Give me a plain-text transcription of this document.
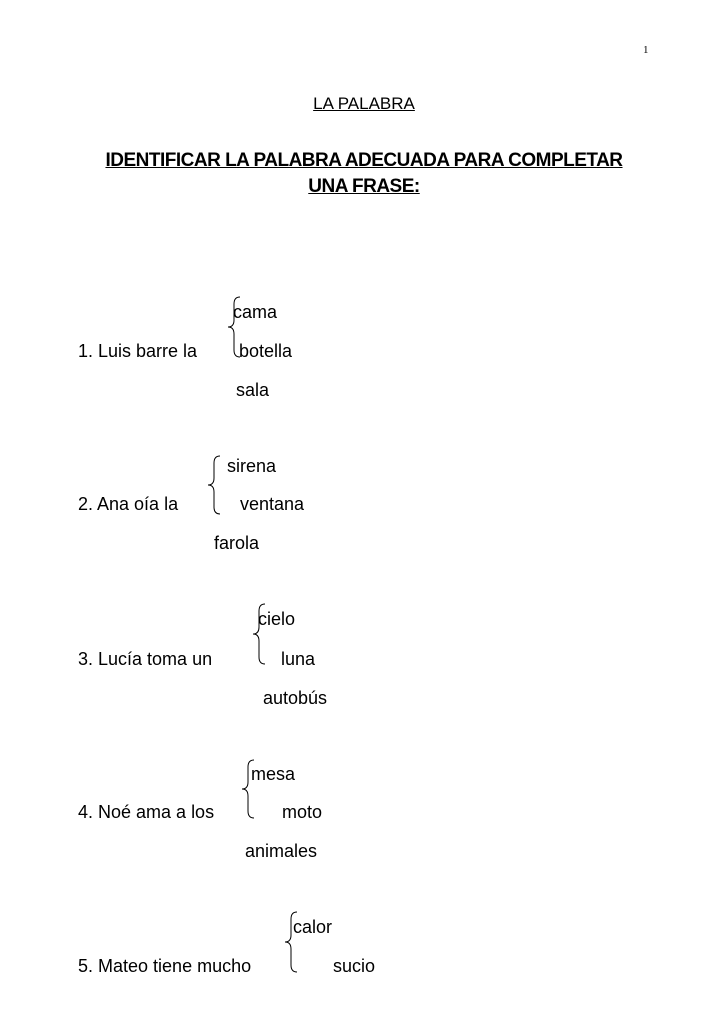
1
LA PALABRA
IDENTIFICAR LA PALABRA ADECUADA PARA COMPLETAR
UNA FRASE:
1. Luis barre la
cama
botella
sala
2. Ana oía la
sirena
ventana
farola
3. Lucía toma un
cielo
luna
autobús
4. Noé ama a los
mesa
moto
animales
5. Mateo tiene mucho
calor
sucio
